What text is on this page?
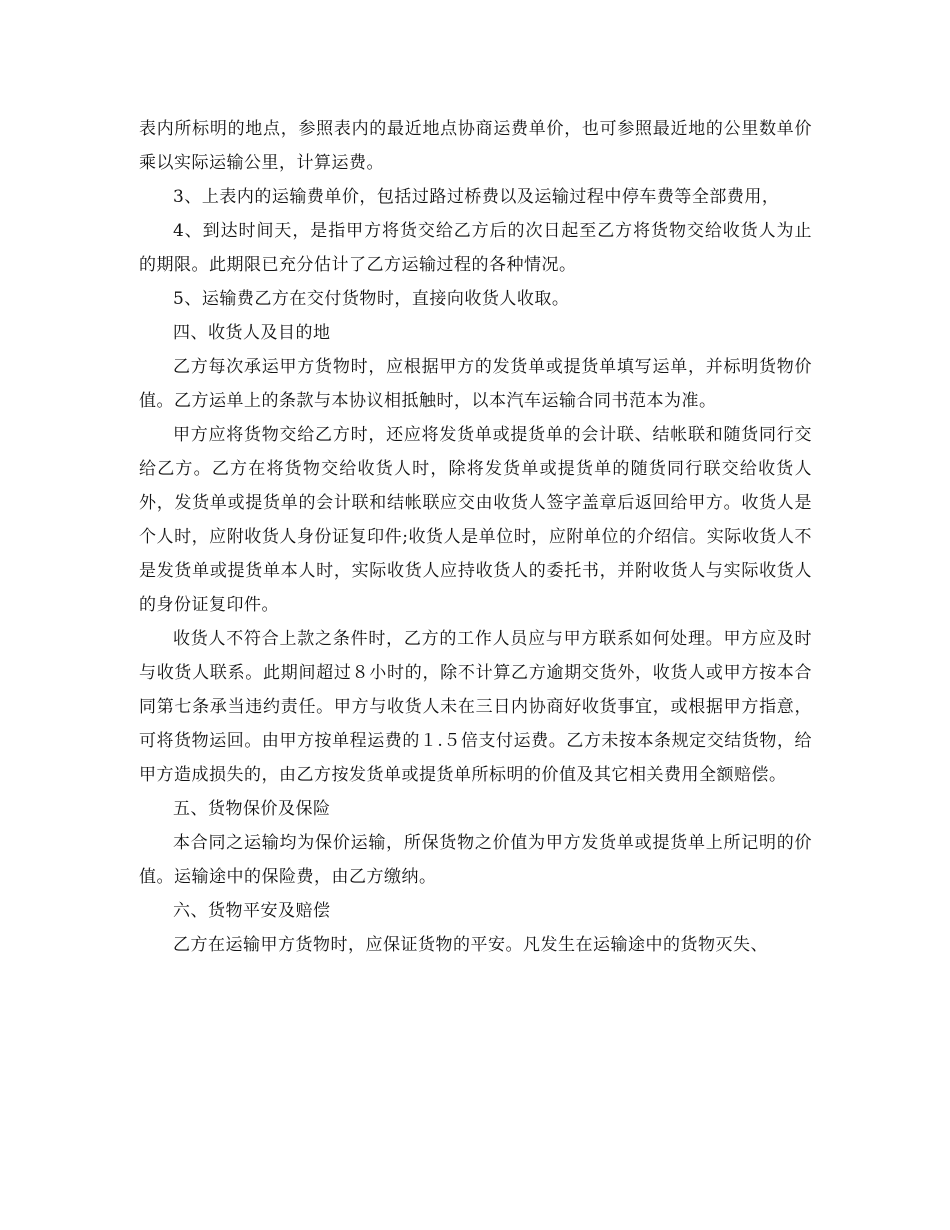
表内所标明的地点，参照表内的最近地点协商运费单价，也可参照最近地的公里数单价乘以实际运输公里，计算运费。

3、上表内的运输费单价，包括过路过桥费以及运输过程中停车费等全部费用，

4、到达时间天，是指甲方将货交给乙方后的次日起至乙方将货物交给收货人为止的期限。此期限已充分估计了乙方运输过程的各种情况。

5、运输费乙方在交付货物时，直接向收货人收取。

四、收货人及目的地

乙方每次承运甲方货物时，应根据甲方的发货单或提货单填写运单，并标明货物价值。乙方运单上的条款与本协议相抵触时，以本汽车运输合同书范本为准。

甲方应将货物交给乙方时，还应将发货单或提货单的会计联、结帐联和随货同行交给乙方。乙方在将货物交给收货人时，除将发货单或提货单的随货同行联交给收货人外，发货单或提货单的会计联和结帐联应交由收货人签字盖章后返回给甲方。收货人是个人时，应附收货人身份证复印件;收货人是单位时，应附单位的介绍信。实际收货人不是发货单或提货单本人时，实际收货人应持收货人的委托书，并附收货人与实际收货人的身份证复印件。

收货人不符合上款之条件时，乙方的工作人员应与甲方联系如何处理。甲方应及时与收货人联系。此期间超过８小时的，除不计算乙方逾期交货外，收货人或甲方按本合同第七条承当违约责任。甲方与收货人未在三日内协商好收货事宜，或根据甲方指意，可将货物运回。由甲方按单程运费的１.５倍支付运费。乙方未按本条规定交结货物，给甲方造成损失的，由乙方按发货单或提货单所标明的价值及其它相关费用全额赔偿。

五、货物保价及保险

本合同之运输均为保价运输，所保货物之价值为甲方发货单或提货单上所记明的价值。运输途中的保险费，由乙方缴纳。

六、货物平安及赔偿

乙方在运输甲方货物时，应保证货物的平安。凡发生在运输途中的货物灭失、
